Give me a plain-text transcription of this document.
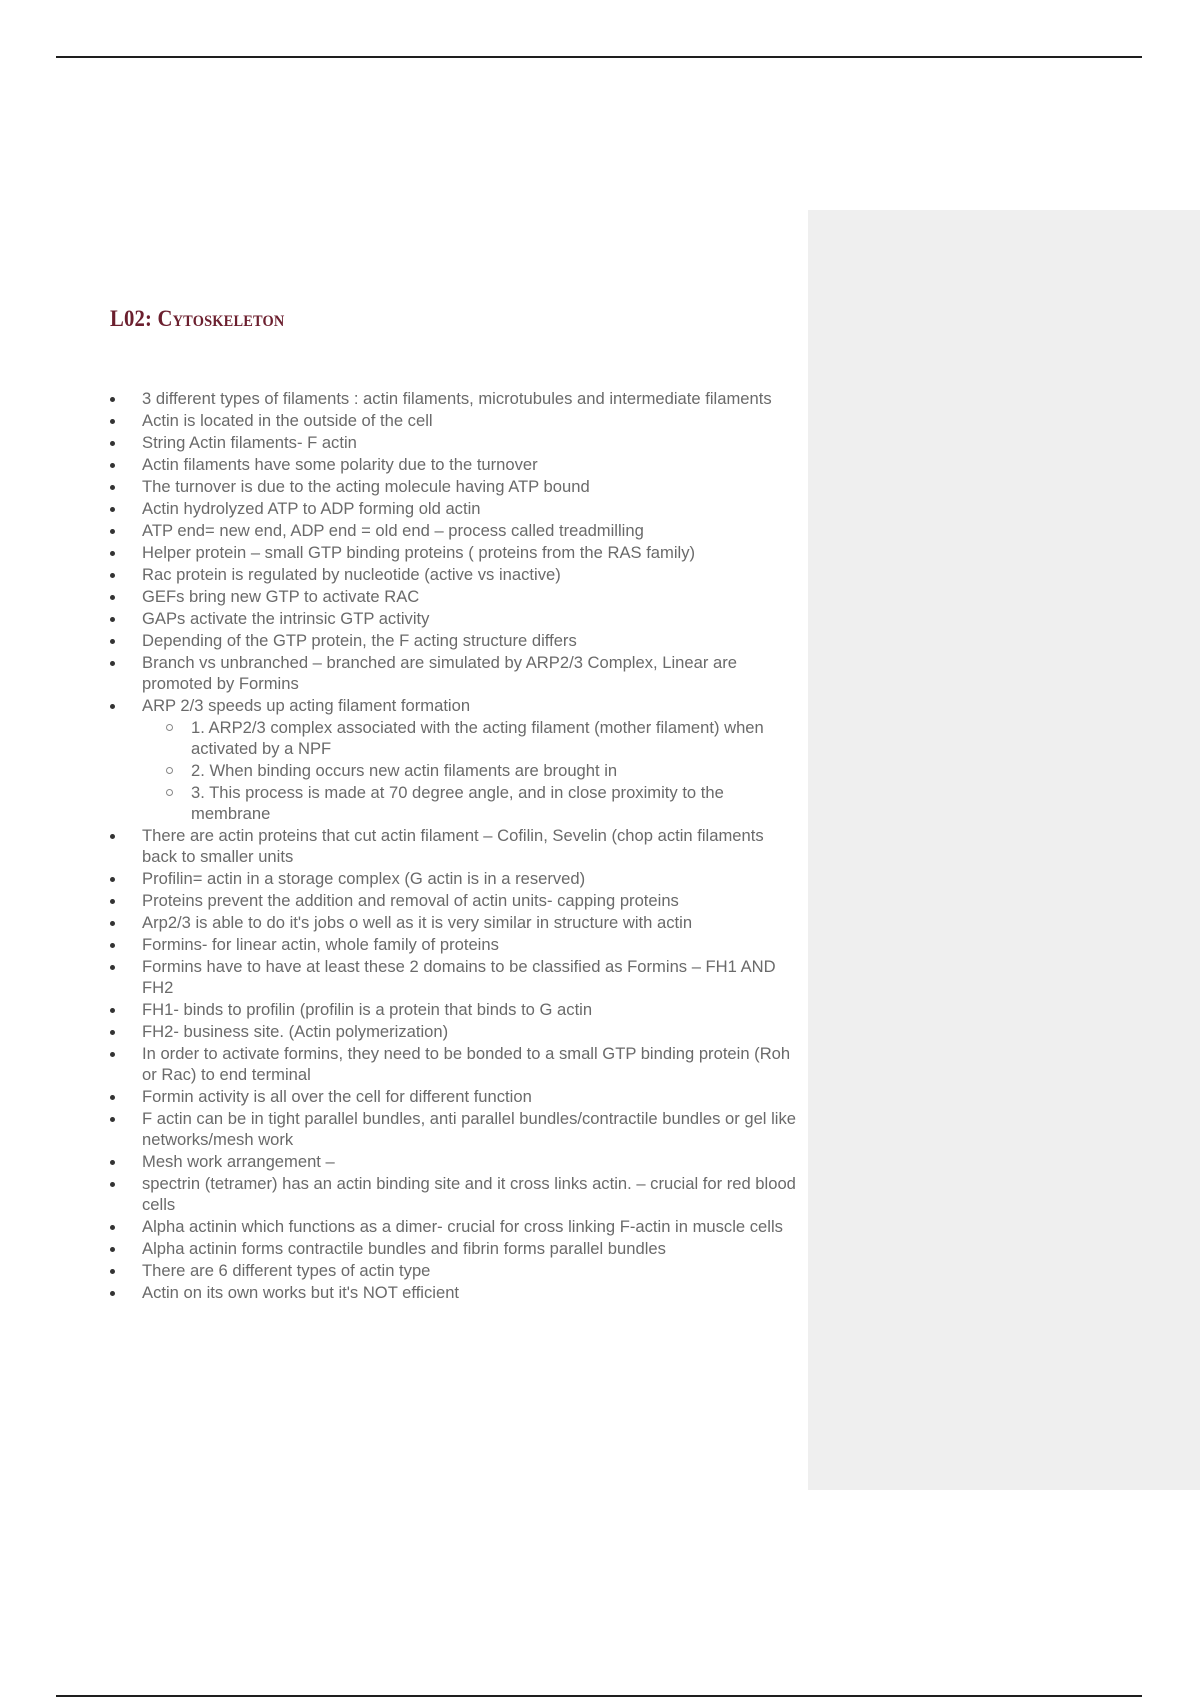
L02: Cytoskeleton
3 different types of filaments : actin filaments, microtubules and intermediate filaments
Actin is located in the outside of the cell
String Actin filaments- F actin
Actin filaments have some polarity due to the turnover
The turnover is due to the acting molecule having ATP bound
Actin hydrolyzed ATP to ADP forming old actin
ATP end= new end, ADP end = old end – process called treadmilling
Helper protein – small GTP binding proteins ( proteins from the RAS family)
Rac protein is regulated by nucleotide (active vs inactive)
GEFs bring new GTP to activate RAC
GAPs activate the intrinsic GTP activity
Depending of the GTP protein, the F acting structure differs
Branch vs unbranched – branched are simulated by ARP2/3 Complex, Linear are promoted by Formins
ARP 2/3 speeds up acting filament formation
1. ARP2/3 complex associated with the acting filament (mother filament) when activated by a NPF
2. When binding occurs new actin filaments are brought in
3. This process is made at 70 degree angle, and in close proximity to the membrane
There are actin proteins that cut actin filament – Cofilin, Sevelin (chop actin filaments back to smaller units
Profilin= actin in a storage complex (G actin is in a reserved)
Proteins prevent the addition and removal of actin units- capping proteins
Arp2/3 is able to do it's jobs o well as it is very similar in structure with actin
Formins- for linear actin, whole family of proteins
Formins have to have at least these 2 domains to be classified as Formins – FH1 AND FH2
FH1- binds to profilin (profilin is a protein that binds to G actin
FH2- business site. (Actin polymerization)
In order to activate formins, they need to be bonded to a small GTP binding protein (Roh or Rac) to end terminal
Formin activity is all over the cell for different function
F actin can be in tight parallel bundles, anti parallel bundles/contractile bundles or gel like networks/mesh work
Mesh work arrangement –
spectrin (tetramer) has an actin binding site and it cross links actin. – crucial for red blood cells
Alpha actinin which functions as a dimer- crucial for cross linking F-actin in muscle cells
Alpha actinin forms contractile bundles and fibrin forms parallel bundles
There are 6 different types of actin type
Actin on its own works but it's NOT efficient
